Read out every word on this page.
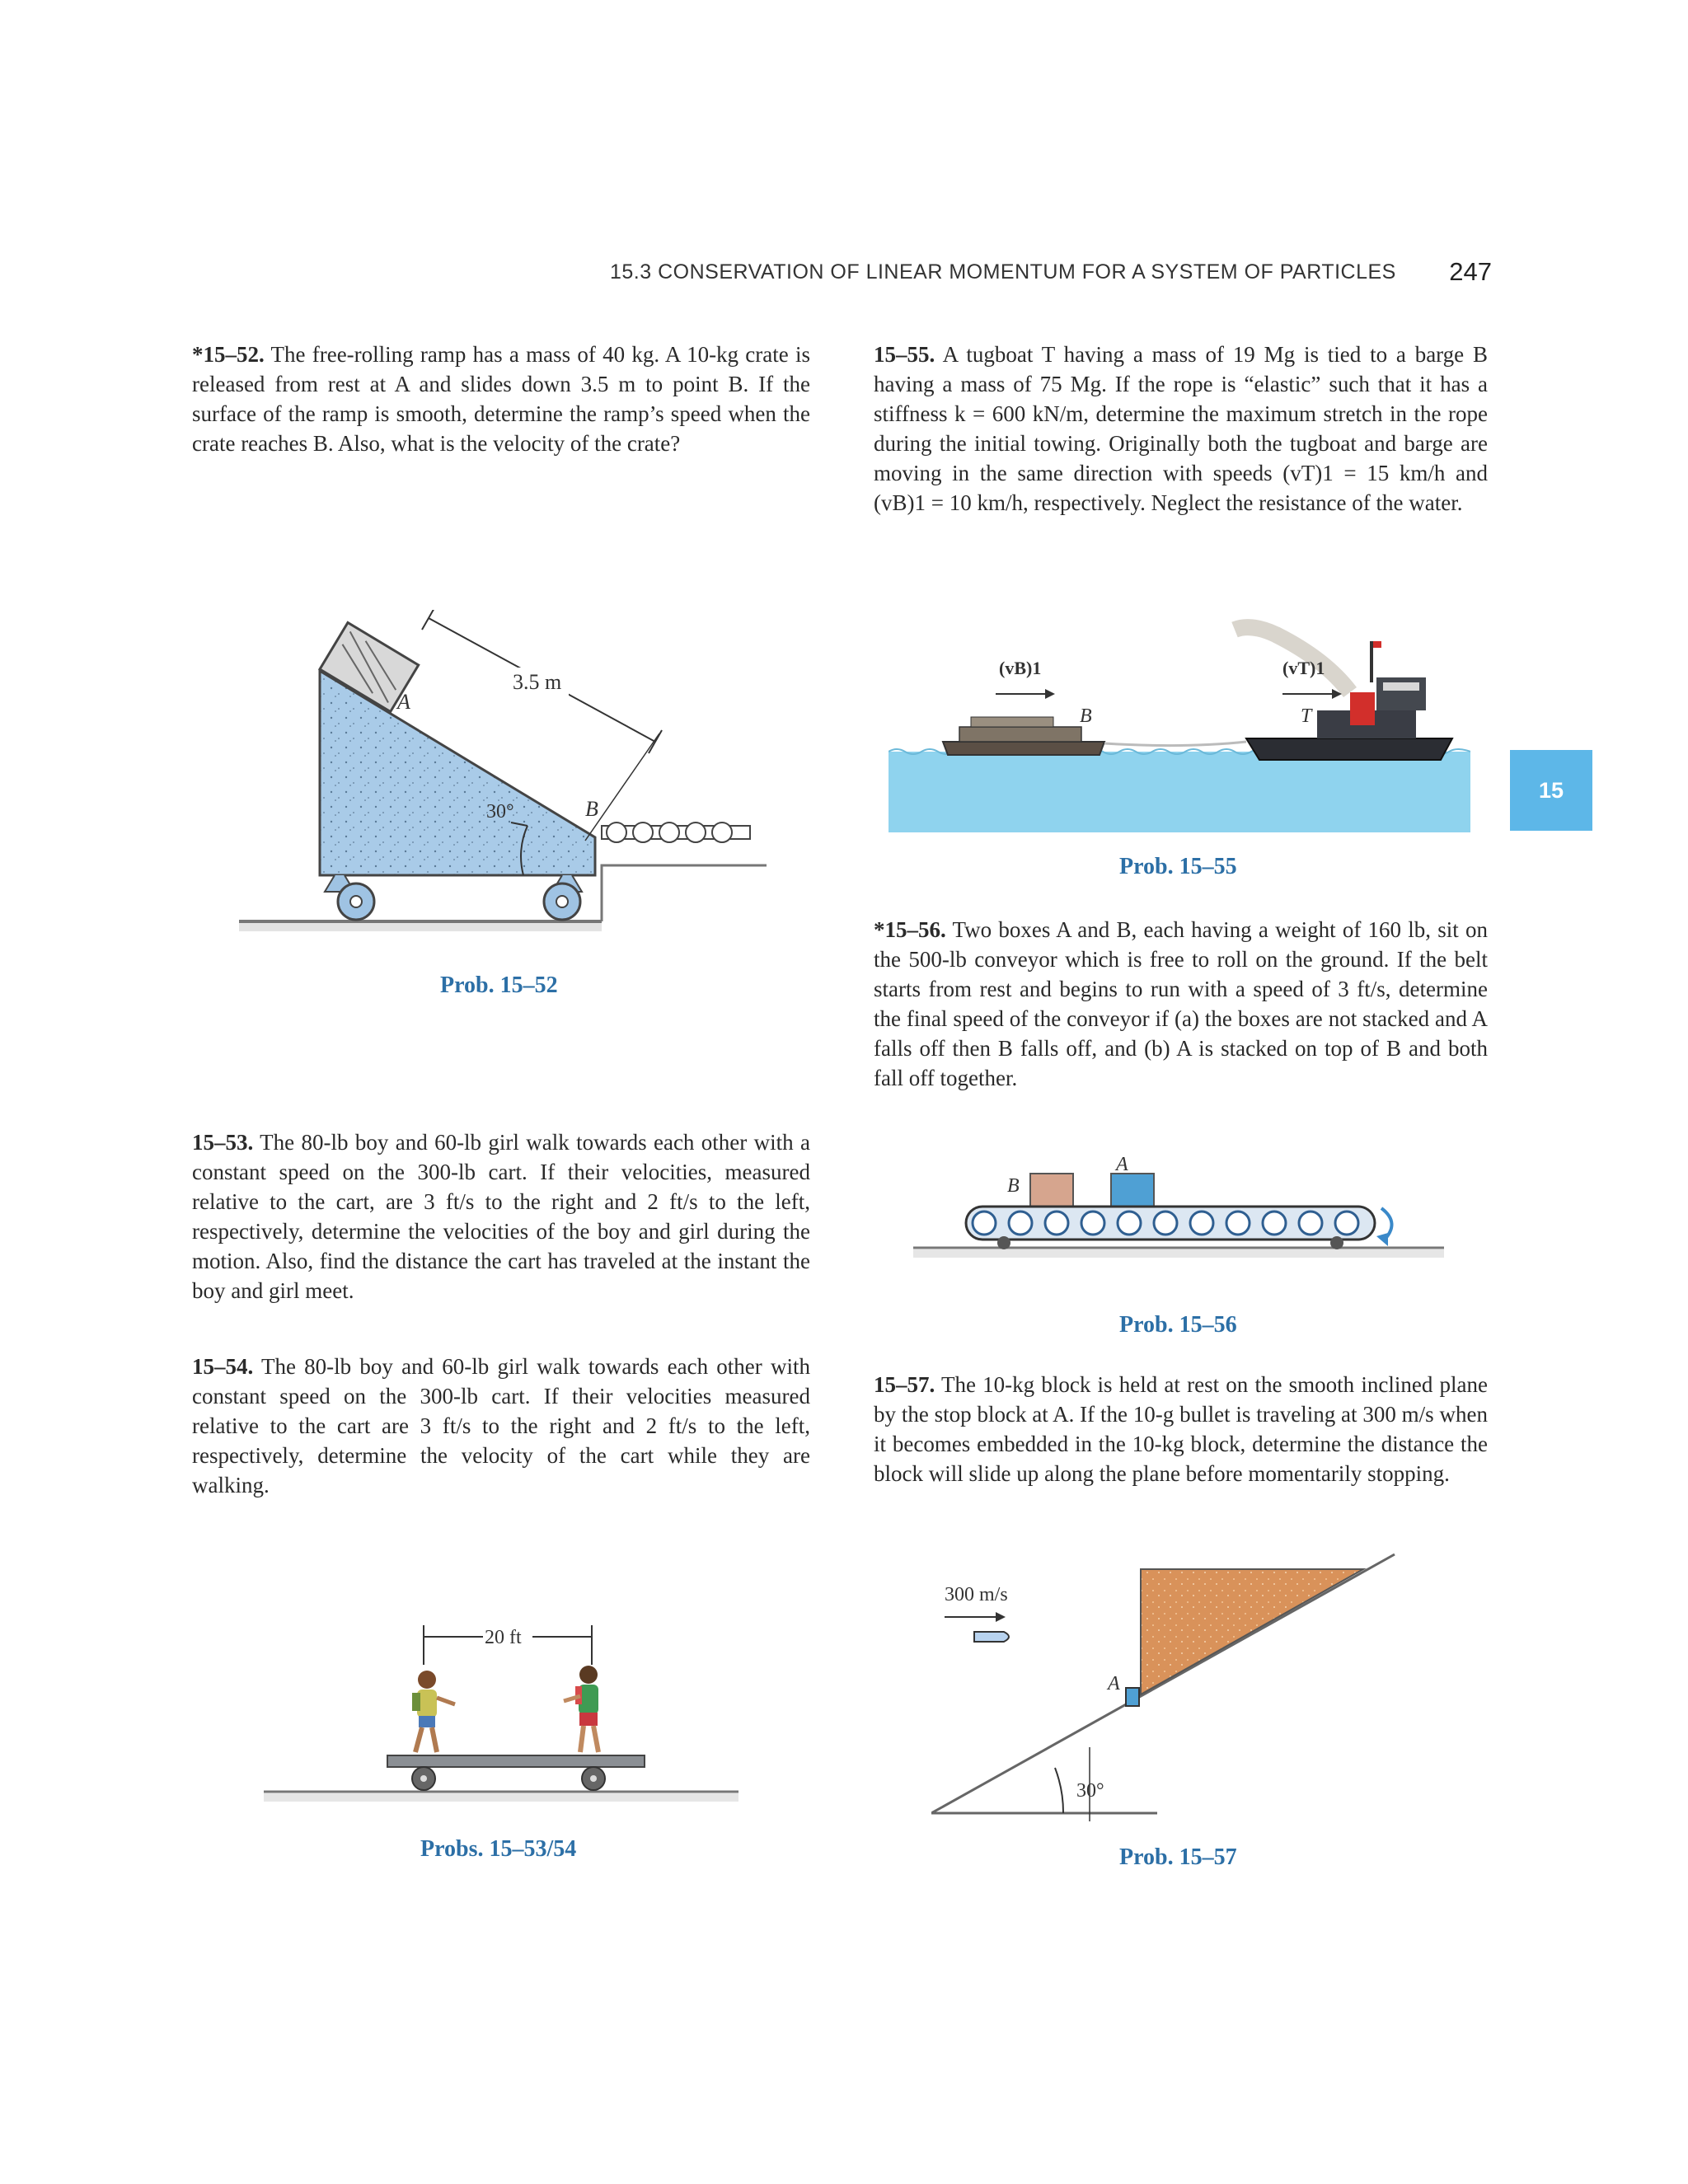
15.3 CONSERVATION OF LINEAR MOMENTUM FOR A SYSTEM OF PARTICLES 247
15
*15–52. The free-rolling ramp has a mass of 40 kg. A 10-kg crate is released from rest at A and slides down 3.5 m to point B. If the surface of the ramp is smooth, determine the ramp’s speed when the crate reaches B. Also, what is the velocity of the crate?
3.5 m
A
B
30°
Prob. 15–52
15–53. The 80-lb boy and 60-lb girl walk towards each other with a constant speed on the 300-lb cart. If their velocities, measured relative to the cart, are 3 ft/s to the right and 2 ft/s to the left, respectively, determine the velocities of the boy and girl during the motion. Also, find the distance the cart has traveled at the instant the boy and girl meet.
15–54. The 80-lb boy and 60-lb girl walk towards each other with constant speed on the 300-lb cart. If their velocities measured relative to the cart are 3 ft/s to the right and 2 ft/s to the left, respectively, determine the velocity of the cart while they are walking.
20 ft
Probs. 15–53/54
15–55. A tugboat T having a mass of 19 Mg is tied to a barge B having a mass of 75 Mg. If the rope is “elastic” such that it has a stiffness k = 600 kN/m, determine the maximum stretch in the rope during the initial towing. Originally both the tugboat and barge are moving in the same direction with speeds (vT)1 = 15 km/h and (vB)1 = 10 km/h, respectively. Neglect the resistance of the water.
(vB)1	(vT)1
B	T
Prob. 15–55
*15–56. Two boxes A and B, each having a weight of 160 lb, sit on the 500-lb conveyor which is free to roll on the ground. If the belt starts from rest and begins to run with a speed of 3 ft/s, determine the final speed of the conveyor if (a) the boxes are not stacked and A falls off then B falls off, and (b) A is stacked on top of B and both fall off together.
B
A
Prob. 15–56
15–57. The 10-kg block is held at rest on the smooth inclined plane by the stop block at A. If the 10-g bullet is traveling at 300 m/s when it becomes embedded in the 10-kg block, determine the distance the block will slide up along the plane before momentarily stopping.
A
300 m/s
30°
Prob. 15–57
